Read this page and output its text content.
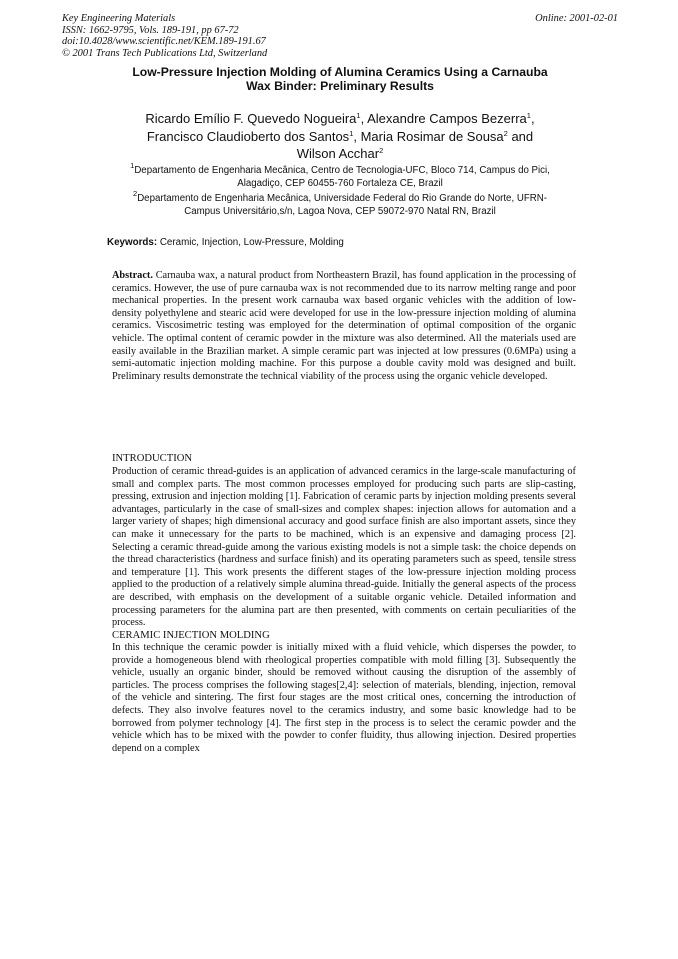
Key Engineering Materials
ISSN: 1662-9795, Vols. 189-191, pp 67-72
doi:10.4028/www.scientific.net/KEM.189-191.67
© 2001 Trans Tech Publications Ltd, Switzerland
Online: 2001-02-01
Low-Pressure Injection Molding of Alumina Ceramics Using a Carnauba
Wax Binder: Preliminary Results
Ricardo Emílio F. Quevedo Nogueira$^1$, Alexandre Campos Bezerra$^1$,
Francisco Claudioberto dos Santos$^1$, Maria Rosimar de Sousa$^2$ and
Wilson Acchar$^2$
$^1$Departamento de Engenharia Mecânica, Centro de Tecnologia-UFC, Bloco 714, Campus do Pici,
Alagadiço, CEP 60455-760 Fortaleza CE, Brazil
$^2$Departamento de Engenharia Mecânica, Universidade Federal do Rio Grande do Norte, UFRN-
Campus Universitário,s/n, Lagoa Nova, CEP 59072-970 Natal RN, Brazil
Keywords: Ceramic, Injection, Low-Pressure, Molding
Abstract. Carnauba wax, a natural product from Northeastern Brazil, has found application in the processing of ceramics. However, the use of pure carnauba wax is not recommended due to its narrow melting range and poor mechanical properties. In the present work carnauba wax based organic vehicles with the addition of low-density polyethylene and stearic acid were developed for use in the low-pressure injection molding of alumina ceramics. Viscosimetric testing was employed for the determination of optimal composition of the organic vehicle. The optimal content of ceramic powder in the mixture was also determined. All the materials used are easily available in the Brazilian market. A simple ceramic part was injected at low pressures (0.6MPa) using a semi-automatic injection molding machine. For this purpose a double cavity mold was designed and built. Preliminary results demonstrate the technical viability of the process using the organic vehicle developed.
INTRODUCTION
Production of ceramic thread-guides is an application of advanced ceramics in the large-scale manufacturing of small and complex parts. The most common processes employed for producing such parts are slip-casting, pressing, extrusion and injection molding [1]. Fabrication of ceramic parts by injection molding presents several advantages, particularly in the case of small-sizes and complex shapes: injection allows for automation and a larger variety of shapes; high dimensional accuracy and good surface finish are also important assets, since they can make it unnecessary for the parts to be machined, which is an expensive and damaging process [2]. Selecting a ceramic thread-guide among the various existing models is not a simple task: the choice depends on the thread characteristics (hardness and surface finish) and its operating parameters such as speed, tensile stress and temperature [1]. This work presents the different stages of the low-pressure injection molding process applied to the production of a relatively simple alumina thread-guide. Initially the general aspects of the process are described, with emphasis on the development of a suitable organic vehicle. Detailed information and processing parameters for the alumina part are then presented, with comments on certain peculiarities of the process.
CERAMIC INJECTION MOLDING
In this technique the ceramic powder is initially mixed with a fluid vehicle, which disperses the powder, to provide a homogeneous blend with rheological properties compatible with mold filling [3]. Subsequently the vehicle, usually an organic binder, should be removed without causing the disruption of the assembly of particles. The process comprises the following stages[2,4]: selection of materials, blending, injection, removal of the vehicle and sintering. The first four stages are the most critical ones, concerning the introduction of defects. They also involve features novel to the ceramics industry, and some basic knowledge had to be borrowed from polymer technology [4]. The first step in the process is to select the ceramic powder and the vehicle which has to be mixed with the powder to confer fluidity, thus allowing injection. Desired properties depend on a complex
